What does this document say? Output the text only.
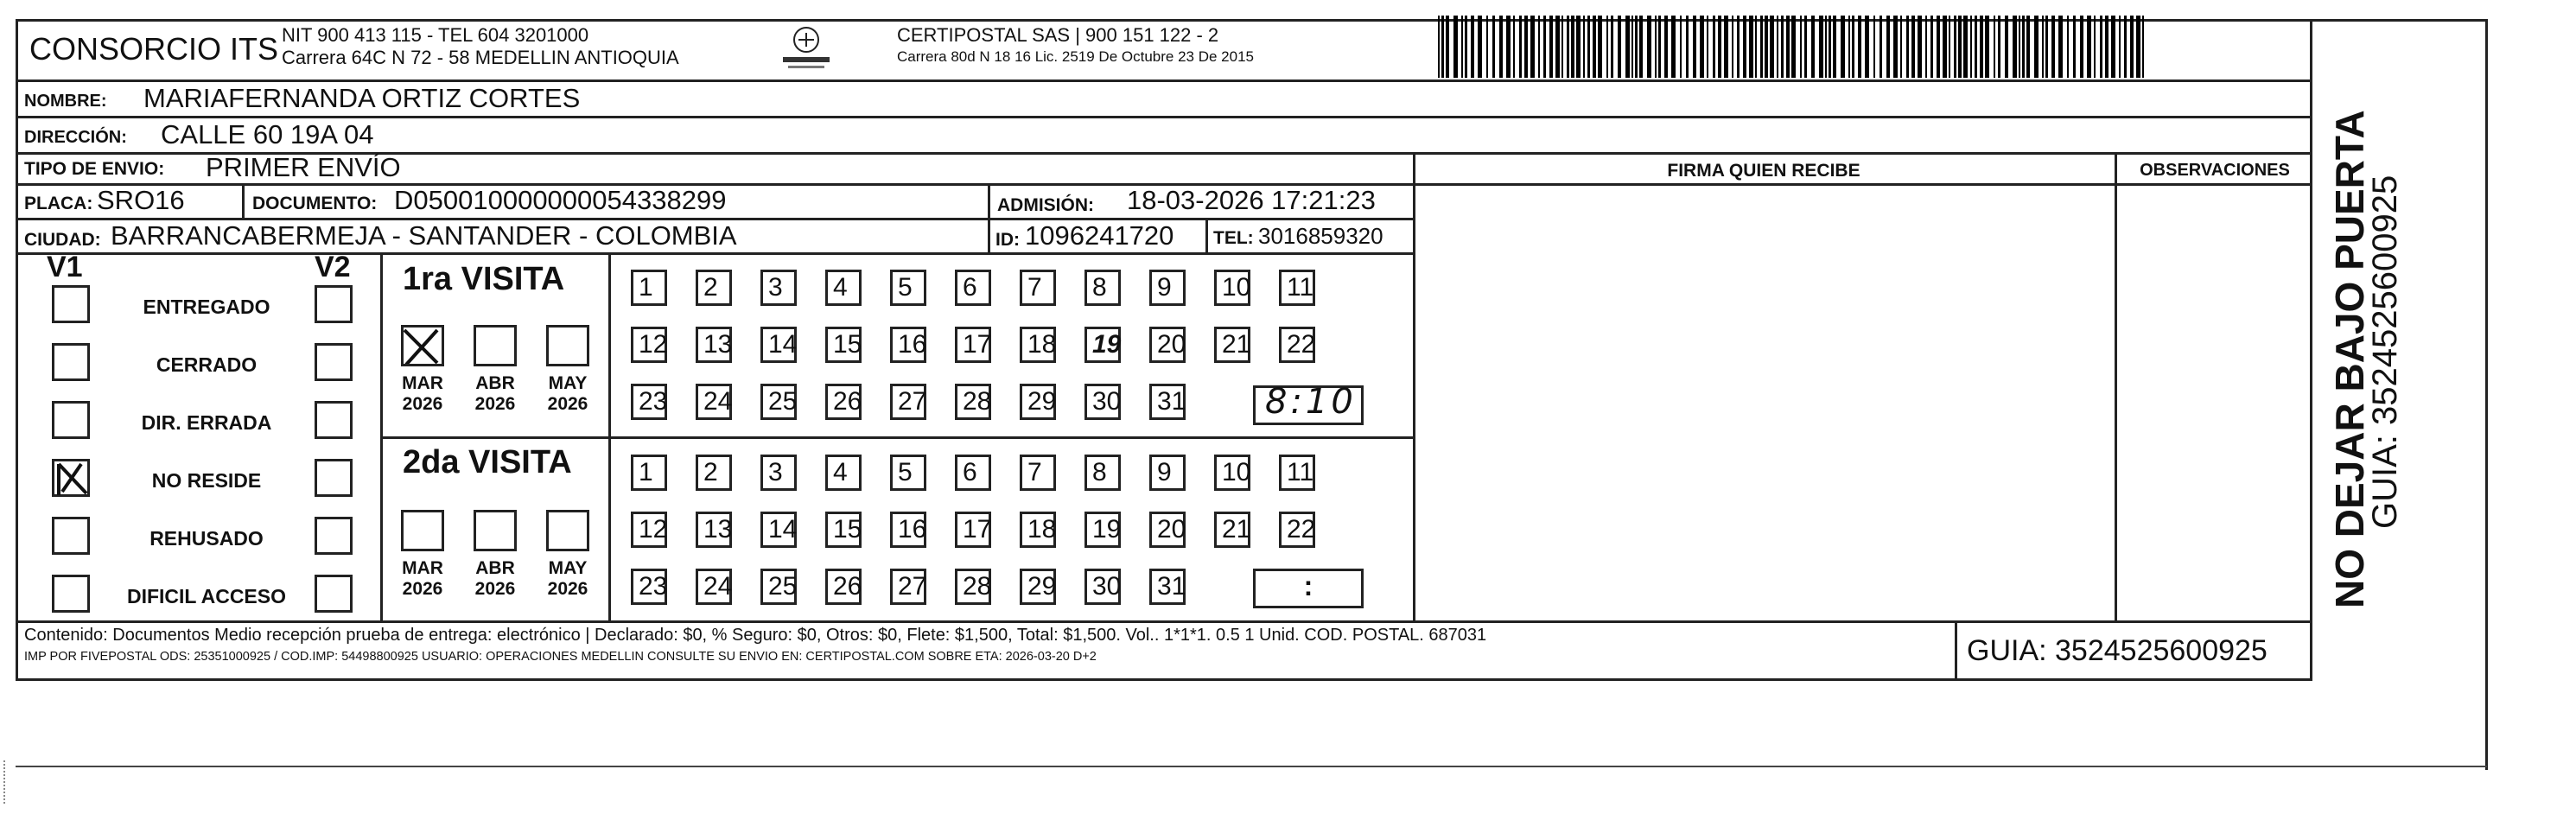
CONSORCIO ITS NIT 900 413 115 - TEL 604 3201000
Carrera 64C N 72 - 58 MEDELLIN ANTIOQUIA
CERTIPOSTAL SAS | 900 151 122 - 2
Carrera 80d N 18 16 Lic. 2519 De Octubre 23 De 2015
NOMBRE: MARIAFERNANDA ORTIZ CORTES
DIRECCIÓN: CALLE 60 19A 04
TIPO DE ENVIO: PRIMER ENVÍO
PLACA: SRO16	DOCUMENTO: D050010000000054338299	ADMISIÓN: 18-03-2026 17:21:23
CIUDAD: BARRANCABERMEJA - SANTANDER - COLOMBIA	ID: 1096241720 TEL: 3016859320
FIRMA QUIEN RECIBE	OBSERVACIONES NO DEJAR BAJO PUERTA
GUIA: 3524525600925
V1	V2 1ra VISITA
8:10
2da VISITA
:
Contenido: Documentos Medio recepción prueba de entrega: electrónico | Declarado: $0, % Seguro: $0, Otros: $0, Flete: $1,500, Total: $1,500. Vol.. 1*1*1. 0.5 1 Unid. COD. POSTAL. 687031
IMP POR FIVEPOSTAL ODS: 25351000925 / COD.IMP: 54498800925 USUARIO: OPERACIONES MEDELLIN CONSULTE SU ENVIO EN: CERTIPOSTAL.COM SOBRE ETA: 2026-03-20 D+2	GUIA: 3524525600925
ENTREGADO
CERRADO
DIR. ERRADA
NO RESIDE
REHUSADO
DIFICIL ACCESO
MAR
2026
ABR
2026
MAY
2026
MAR
2026
ABR
2026
MAY
2026
1	2	3	4	5	6	7	8	9	10	11
12	13	14	15	16	17	18	19	20	21	22
23	24	25	26	27	28	29	30	31
1	2	3	4	5	6	7	8	9	10	11
12	13	14	15	16	17	18	19	20	21	22
23	24	25	26	27	28	29	30	31
